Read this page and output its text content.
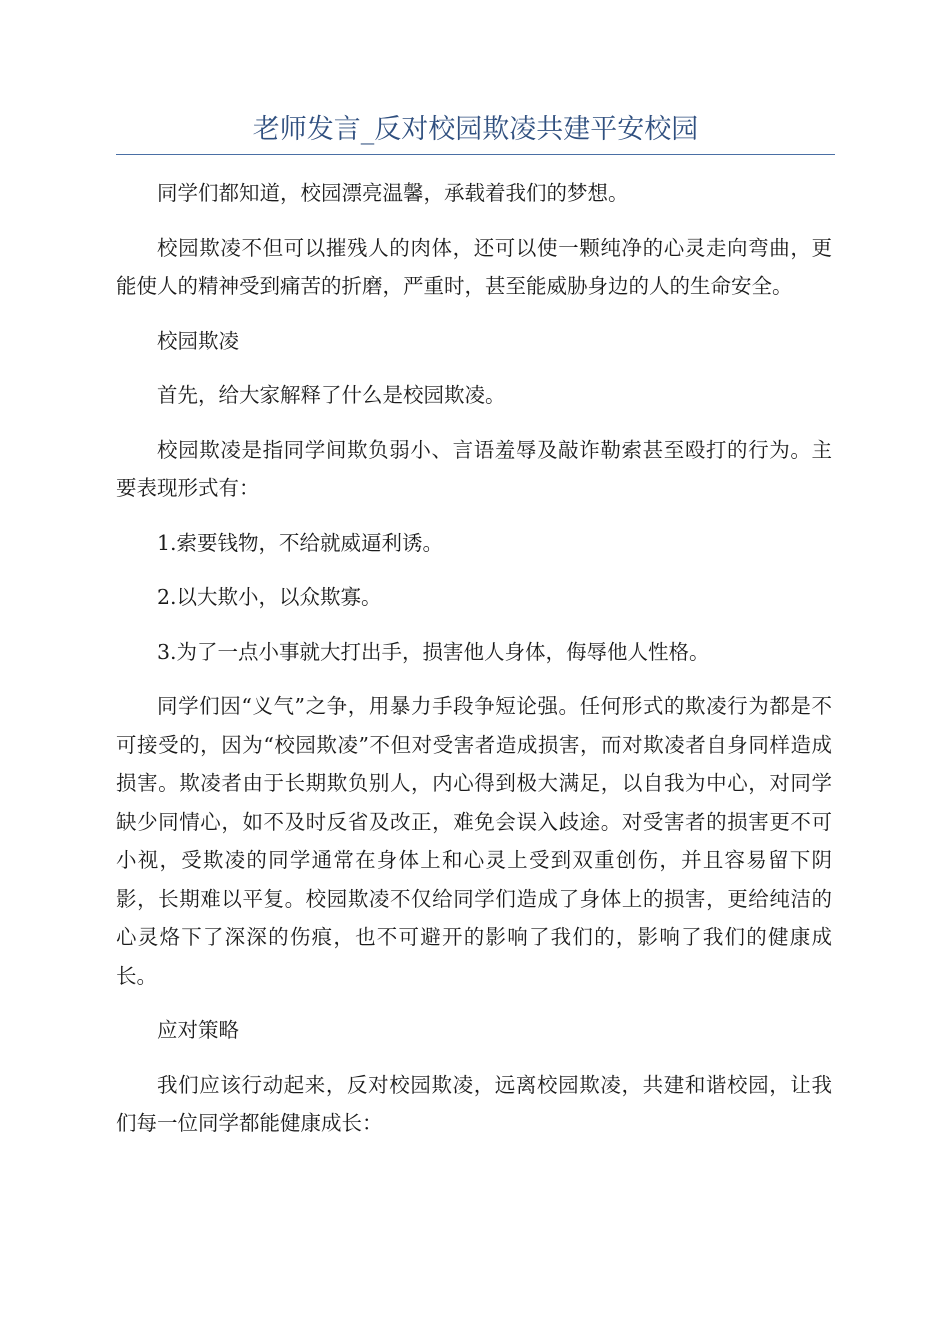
老师发言_反对校园欺凌共建平安校园

同学们都知道，校园漂亮温馨，承载着我们的梦想。

校园欺凌不但可以摧残人的肉体，还可以使一颗纯净的心灵走向弯曲，更能使人的精神受到痛苦的折磨，严重时，甚至能威胁身边的人的生命安全。

校园欺凌

首先，给大家解释了什么是校园欺凌。

校园欺凌是指同学间欺负弱小、言语羞辱及敲诈勒索甚至殴打的行为。主要表现形式有：

1.索要钱物，不给就威逼利诱。

2.以大欺小，以众欺寡。

3.为了一点小事就大打出手，损害他人身体，侮辱他人性格。

同学们因“义气”之争，用暴力手段争短论强。任何形式的欺凌行为都是不可接受的，因为“校园欺凌”不但对受害者造成损害，而对欺凌者自身同样造成损害。欺凌者由于长期欺负别人，内心得到极大满足，以自我为中心，对同学缺少同情心，如不及时反省及改正，难免会误入歧途。对受害者的损害更不可小视，受欺凌的同学通常在身体上和心灵上受到双重创伤，并且容易留下阴影，长期难以平复。校园欺凌不仅给同学们造成了身体上的损害，更给纯洁的心灵烙下了深深的伤痕，也不可避开的影响了我们的，影响了我们的健康成长。

应对策略

我们应该行动起来，反对校园欺凌，远离校园欺凌，共建和谐校园，让我们每一位同学都能健康成长：
